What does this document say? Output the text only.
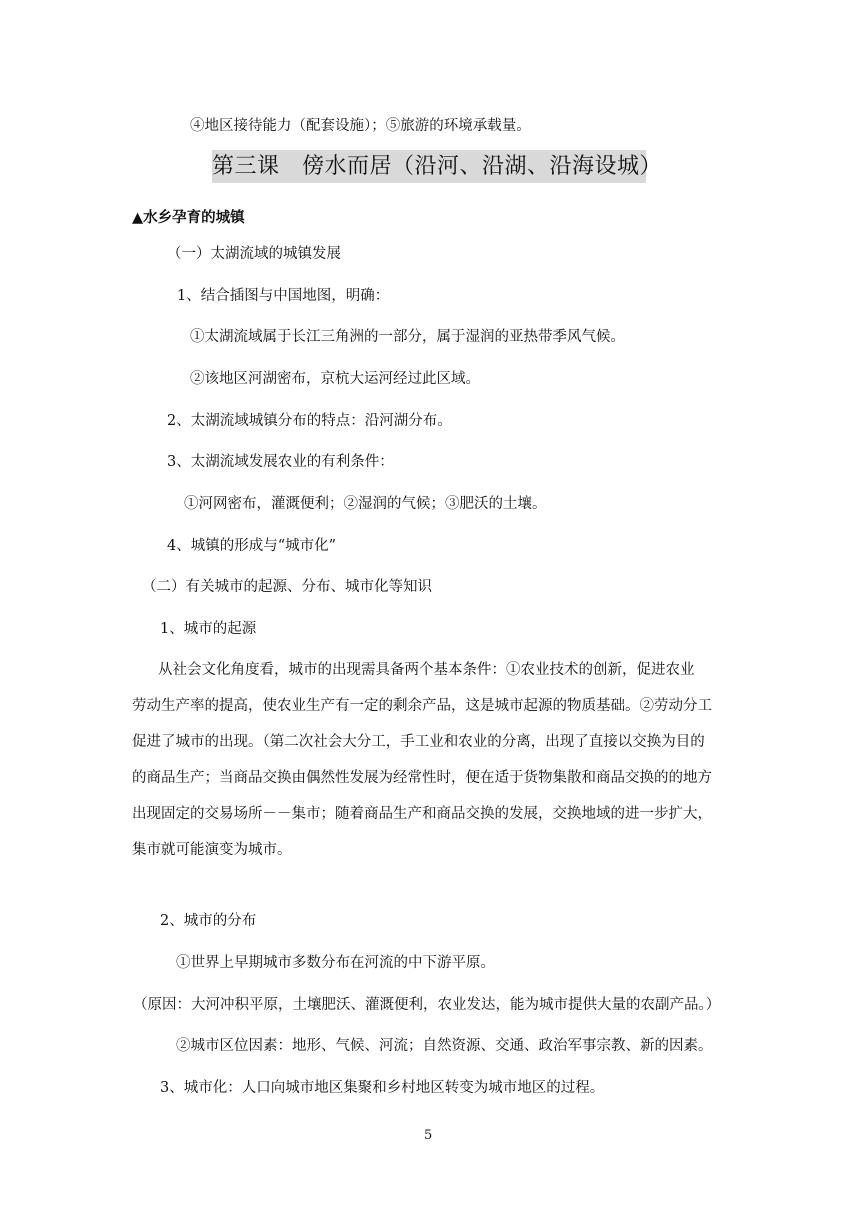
④地区接待能力（配套设施）；⑤旅游的环境承载量。
第三课　傍水而居（沿河、沿湖、沿海设城）
▲水乡孕育的城镇
（一）太湖流域的城镇发展
1、结合插图与中国地图，明确：
①太湖流域属于长江三角洲的一部分，属于湿润的亚热带季风气候。
②该地区河湖密布，京杭大运河经过此区域。
2、太湖流域城镇分布的特点：沿河湖分布。
3、太湖流域发展农业的有利条件：
①河网密布，灌溉便利；②湿润的气候；③肥沃的土壤。
4、城镇的形成与“城市化”
（二）有关城市的起源、分布、城市化等知识
1、城市的起源
从社会文化角度看，城市的出现需具备两个基本条件：①农业技术的创新，促进农业
劳动生产率的提高，使农业生产有一定的剩余产品，这是城市起源的物质基础。②劳动分工
促进了城市的出现。（第二次社会大分工，手工业和农业的分离，出现了直接以交换为目的
的商品生产；当商品交换由偶然性发展为经常性时，便在适于货物集散和商品交换的的地方
出现固定的交易场所－－集市；随着商品生产和商品交换的发展，交换地域的进一步扩大，
集市就可能演变为城市。
2、城市的分布
①世界上早期城市多数分布在河流的中下游平原。
（原因：大河冲积平原，土壤肥沃、灌溉便利，农业发达，能为城市提供大量的农副产品。）
②城市区位因素：地形、气候、河流；自然资源、交通、政治军事宗教、新的因素。
3、城市化：人口向城市地区集聚和乡村地区转变为城市地区的过程。
5
